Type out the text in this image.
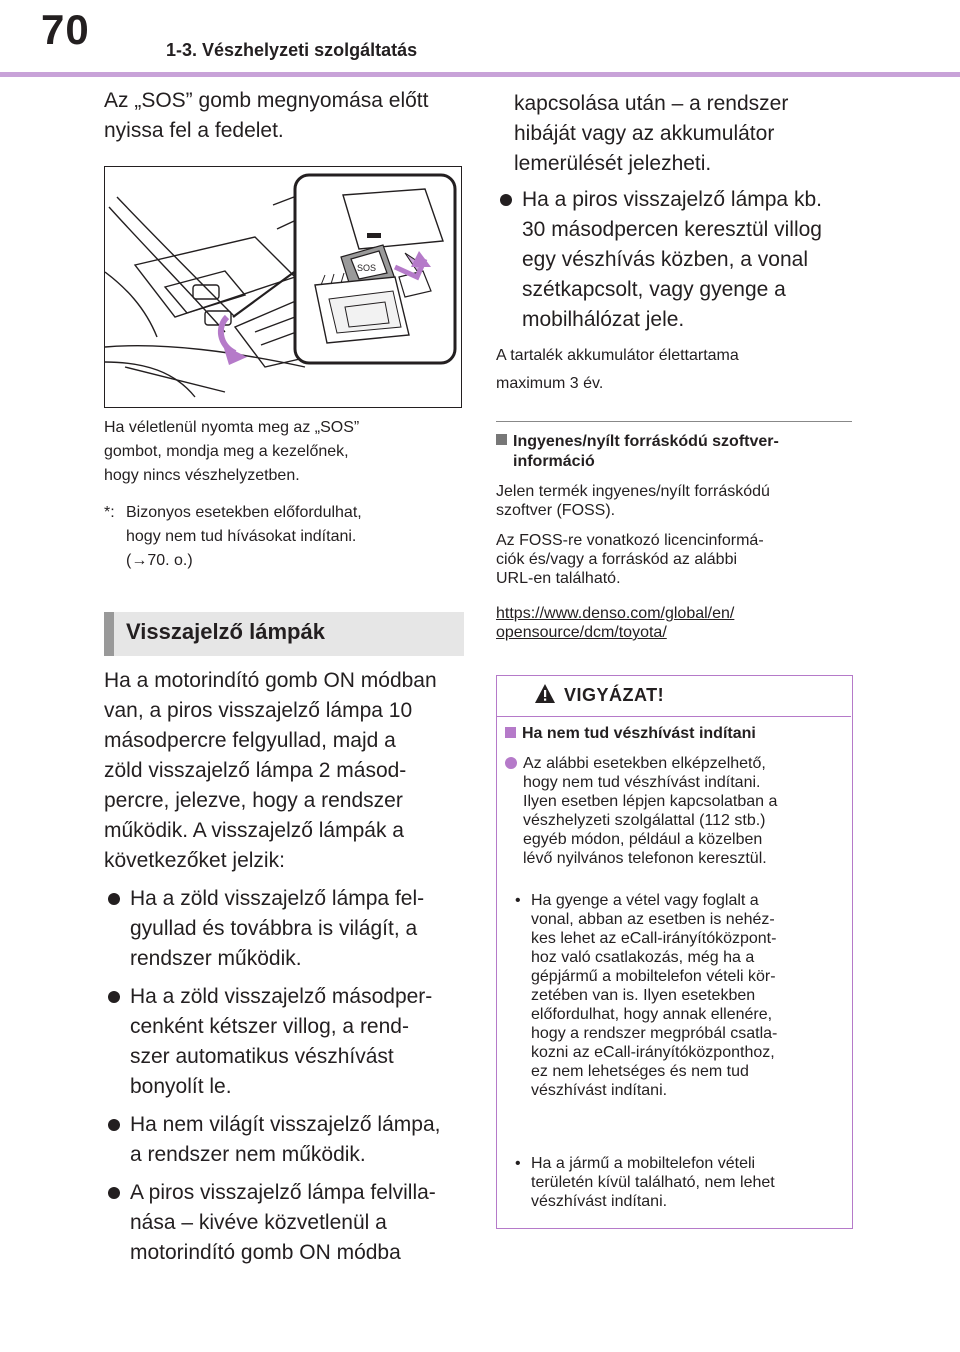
70	1-3. Vészhelyzeti szolgáltatás
Az „SOS” gomb megnyomása előtt
nyissa fel a fedelet.
SOS
Ha véletlenül nyomta meg az „SOS”
gombot, mondja meg a kezelőnek,
hogy nincs vészhelyzetben.
*: Bizonyos esetekben előfordulhat,
hogy nem tud hívásokat indítani.
(→70. o.)
Visszajelző lámpák
Ha a motorindító gomb ON módban
van, a piros visszajelző lámpa 10
másodpercre felgyullad, majd a
zöld visszajelző lámpa 2 másod-
percre, jelezve, hogy a rendszer
működik. A visszajelző lámpák a
következőket jelzik:
Ha a zöld visszajelző lámpa fel-
gyullad és továbbra is világít, a
rendszer működik.
Ha a zöld visszajelző másodper-
cenként kétszer villog, a rend-
szer automatikus vészhívást
bonyolít le.
Ha nem világít visszajelző lámpa,
a rendszer nem működik.
A piros visszajelző lámpa felvilla-
nása – kivéve közvetlenül a
motorindító gomb ON módba
kapcsolása után – a rendszer
hibáját vagy az akkumulátor
lemerülését jelezheti.
Ha a piros visszajelző lámpa kb.
30 másodpercen keresztül villog
egy vészhívás közben, a vonal
szétkapcsolt, vagy gyenge a
mobilhálózat jele.
A tartalék akkumulátor élettartama
maximum 3 év.
Ingyenes/nyílt forráskódú szoftver-
információ
Jelen termék ingyenes/nyílt forráskódú
szoftver (FOSS).
Az FOSS-re vonatkozó licencinformá-
ciók és/vagy a forráskód az alábbi
URL-en található.
https://www.denso.com/global/en/
opensource/dcm/toyota/
VIGYÁZAT!
Ha nem tud vészhívást indítani
Az alábbi esetekben elképzelhető,
hogy nem tud vészhívást indítani.
Ilyen esetben lépjen kapcsolatban a
vészhelyzeti szolgálattal (112 stb.)
egyéb módon, például a közelben
lévő nyilvános telefonon keresztül.
• Ha gyenge a vétel vagy foglalt a
vonal, abban az esetben is nehéz-
kes lehet az eCall-irányítóközpont-
hoz való csatlakozás, még ha a
gépjármű a mobiltelefon vételi kör-
zetében van is. Ilyen esetekben
előfordulhat, hogy annak ellenére,
hogy a rendszer megpróbál csatla-
kozni az eCall-irányítóközponthoz,
ez nem lehetséges és nem tud
vészhívást indítani.
• Ha a jármű a mobiltelefon vételi
területén kívül található, nem lehet
vészhívást indítani.
